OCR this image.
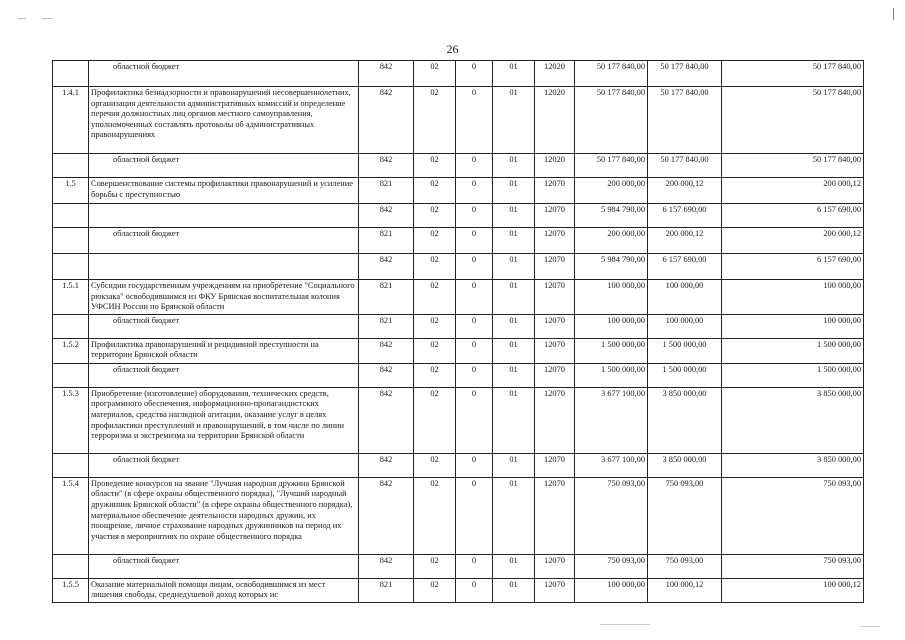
26
	областной бюджет	842	02	0	01	12020	50 177 840,00	50 177 840,00	50 177 840,00
1.4.1	Профилактика безнадзорности и правонарушений несовершеннолетних, организация деятельности административных комиссий и определение перечня должностных лиц органов местного самоуправления, уполномоченных составлять протоколы об административных правонарушениях	842	02	0	01	12020	50 177 840,00	50 177 840,00	50 177 840,00
	областной бюджет	842	02	0	01	12020	50 177 840,00	50 177 840,00	50 177 840,00
1.5	Совершенствование системы профилактики правонарушений и усиление борьбы с преступностью	821	02	0	01	12070	200 000,00	200 000,12	200 000,12
		842	02	0	01	12070	5 984 790,00	6 157 690,00	6 157 690,00
	областной бюджет	821	02	0	01	12070	200 000,00	200 000,12	200 000,12
		842	02	0	01	12070	5 984 790,00	6 157 690,00	6 157 690,00
1.5.1	Субсидии государственным учреждениям на приобретение "Социального рюкзака" освободившимся из ФКУ Брянская воспитательная колония УФСИН России по Брянской области	821	02	0	01	12070	100 000,00	100 000,00	100 000,00
	областной бюджет	821	02	0	01	12070	100 000,00	100 000,00	100 000,00
1.5.2	Профилактика правонарушений и рецидивной преступности на территории Брянской области	842	02	0	01	12070	1 500 000,00	1 500 000,00	1 500 000,00
	областной бюджет	842	02	0	01	12070	1 500 000,00	1 500 000,00	1 500 000,00
1.5.3	Приобретение (изготовление) оборудования, технических средств, программного обеспечения, информационно-пропагандистских материалов, средства наглядной агитации, оказание услуг в целях профилактики преступлений и правонарушений, в том числе по линии терроризма и экстремизма на территории Брянской области	842	02	0	01	12070	3 677 100,00	3 850 000,00	3 850 000,00
	областной бюджет	842	02	0	01	12070	3 677 100,00	3 850 000,00	3 850 000,00
1.5.4	Проведение конкурсов на звание "Лучшая народная дружина Брянской области" (в сфере охраны общественного порядка), "Лучший народный дружинник Брянской области" (в сфере охраны общественного порядка), материальное обеспечение деятельности народных дружин, их поощрение, личное страхование народных дружинников на период их участия в мероприятиях по охране общественного порядка	842	02	0	01	12070	750 093,00	750 093,00	750 093,00
	областной бюджет	842	02	0	01	12070	750 093,00	750 093,00	750 093,00
1.5.5	Оказание материальной помощи лицам, освободившимся из мест лишения свободы, среднедушевой доход которых ис	821	02	0	01	12070	100 000,00	100 000,12	100 000,12
